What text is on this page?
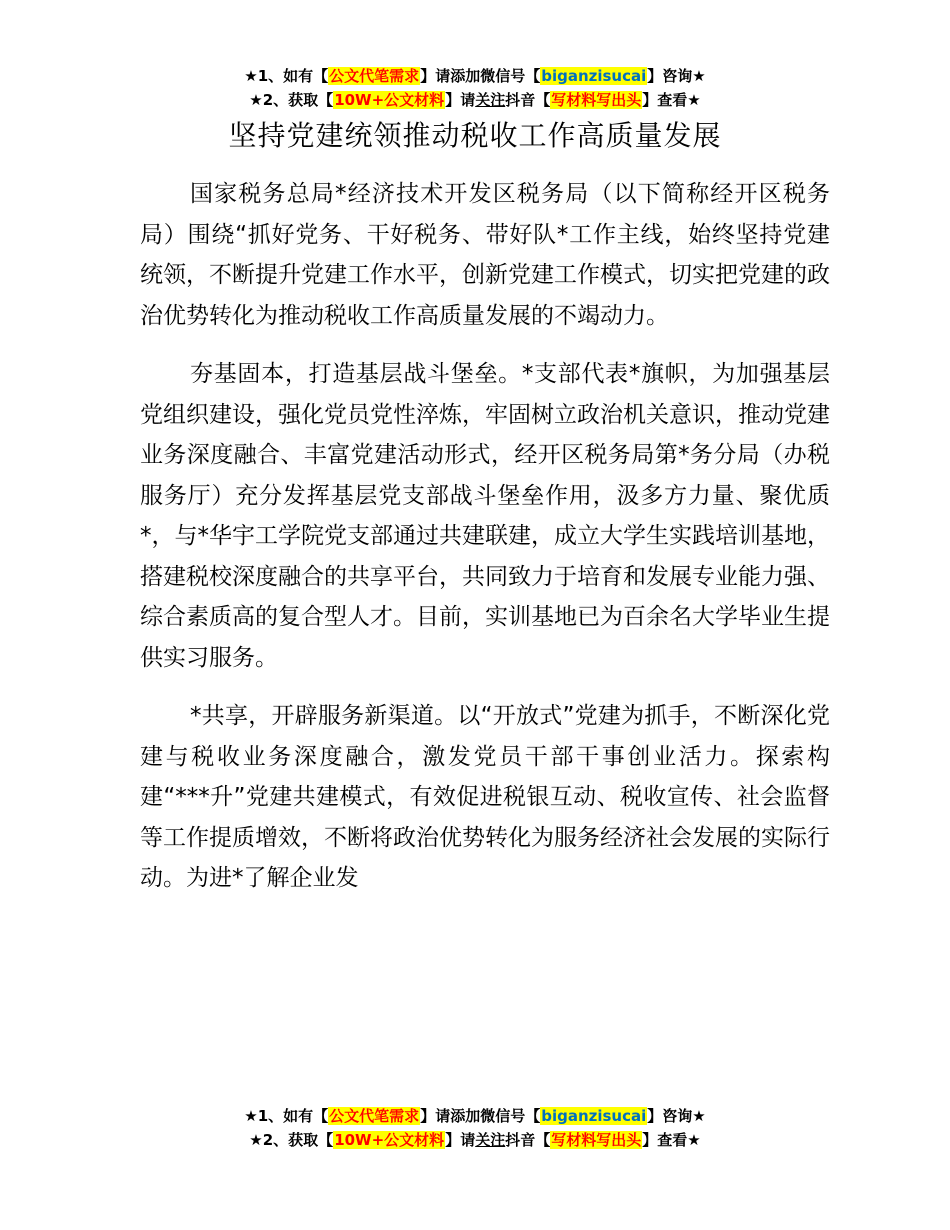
★1、如有【公文代笔需求】请添加微信号【biganzisucai】咨询★
★2、获取【10W+公文材料】请关注抖音【写材料写出头】查看★
坚持党建统领推动税收工作高质量发展

国家税务总局*经济技术开发区税务局（以下简称经开区税务局）围绕“抓好党务、干好税务、带好队*工作主线，始终坚持党建统领，不断提升党建工作水平，创新党建工作模式，切实把党建的政治优势转化为推动税收工作高质量发展的不竭动力。

夯基固本，打造基层战斗堡垒。*支部代表*旗帜，为加强基层党组织建设，强化党员党性淬炼，牢固树立政治机关意识，推动党建业务深度融合、丰富党建活动形式，经开区税务局第*务分局（办税服务厅）充分发挥基层党支部战斗堡垒作用，汲多方力量、聚优质*，与*华宇工学院党支部通过共建联建，成立大学生实践培训基地，搭建税校深度融合的共享平台，共同致力于培育和发展专业能力强、综合素质高的复合型人才。目前，实训基地已为百余名大学毕业生提供实习服务。

*共享，开辟服务新渠道。以“开放式”党建为抓手，不断深化党建与税收业务深度融合，激发党员干部干事创业活力。探索构建“***升”党建共建模式，有效促进税银互动、税收宣传、社会监督等工作提质增效，不断将政治优势转化为服务经济社会发展的实际行动。为进*了解企业发

★1、如有【公文代笔需求】请添加微信号【biganzisucai】咨询★
★2、获取【10W+公文材料】请关注抖音【写材料写出头】查看★
